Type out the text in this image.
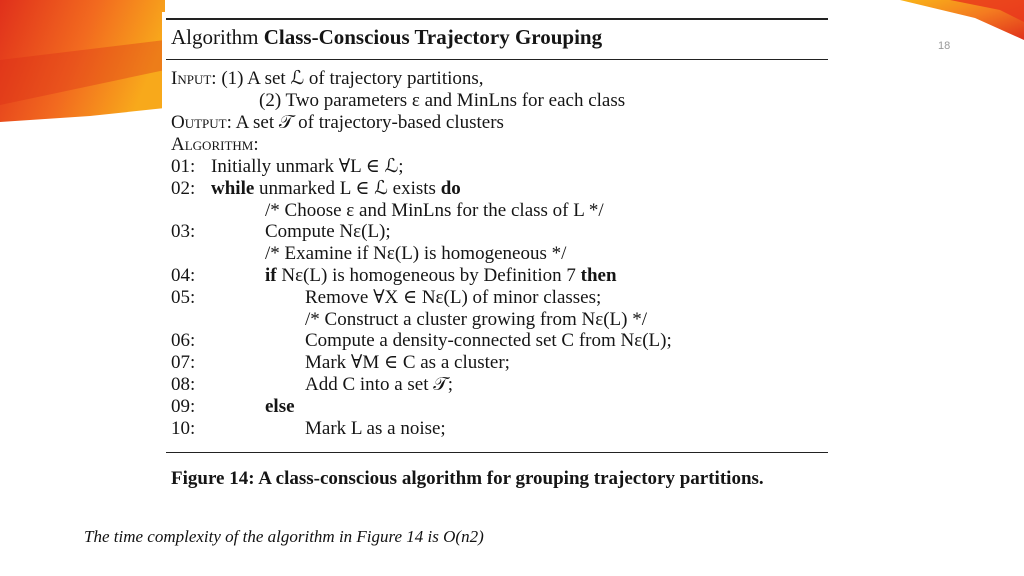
18
Algorithm Class-Conscious Trajectory Grouping
Input: (1) A set ℒ of trajectory partitions,
(2) Two parameters ε and MinLns for each class
Output: A set 𝒯 of trajectory-based clusters
Algorithm:
01: Initially unmark ∀L ∈ ℒ;
02: while unmarked L ∈ ℒ exists do
/* Choose ε and MinLns for the class of L */
03:	Compute Nε(L);
/* Examine if Nε(L) is homogeneous */
04:	if Nε(L) is homogeneous by Definition 7 then
05:	Remove ∀X ∈ Nε(L) of minor classes;
/* Construct a cluster growing from Nε(L) */
06:	Compute a density-connected set C from Nε(L);
07:	Mark ∀M ∈ C as a cluster;
08:	Add C into a set 𝒯;
09:	else
10:	Mark L as a noise;
Figure 14: A class-conscious algorithm for grouping trajectory partitions.
The time complexity of the algorithm in Figure 14 is O(n2)
